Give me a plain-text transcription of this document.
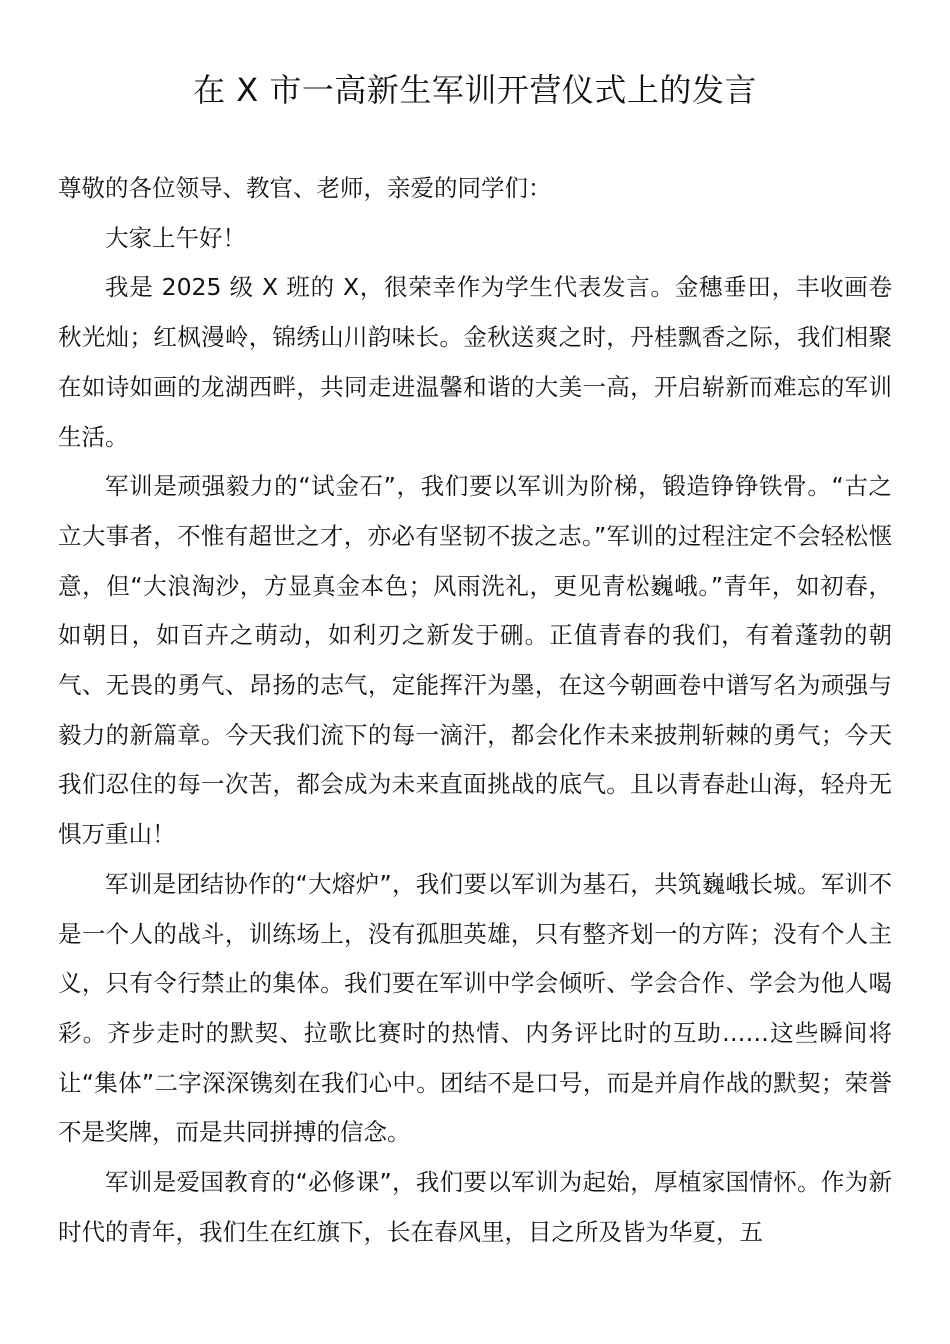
在 X 市一高新生军训开营仪式上的发言

尊敬的各位领导、教官、老师，亲爱的同学们：

大家上午好！

我是 2025 级 X 班的 X，很荣幸作为学生代表发言。金穗垂田，丰收画卷秋光灿；红枫漫岭，锦绣山川韵味长。金秋送爽之时，丹桂飘香之际，我们相聚在如诗如画的龙湖西畔，共同走进温馨和谐的大美一高，开启崭新而难忘的军训生活。

军训是顽强毅力的“试金石”，我们要以军训为阶梯，锻造铮铮铁骨。“古之立大事者，不惟有超世之才，亦必有坚韧不拔之志。”军训的过程注定不会轻松惬意，但“大浪淘沙，方显真金本色；风雨洗礼，更见青松巍峨。”青年，如初春，如朝日，如百卉之萌动，如利刃之新发于硎。正值青春的我们，有着蓬勃的朝气、无畏的勇气、昂扬的志气，定能挥汗为墨，在这今朝画卷中谱写名为顽强与毅力的新篇章。今天我们流下的每一滴汗，都会化作未来披荆斩棘的勇气；今天我们忍住的每一次苦，都会成为未来直面挑战的底气。且以青春赴山海，轻舟无惧万重山！

军训是团结协作的“大熔炉”，我们要以军训为基石，共筑巍峨长城。军训不是一个人的战斗，训练场上，没有孤胆英雄，只有整齐划一的方阵；没有个人主义，只有令行禁止的集体。我们要在军训中学会倾听、学会合作、学会为他人喝彩。齐步走时的默契、拉歌比赛时的热情、内务评比时的互助……这些瞬间将让“集体”二字深深镌刻在我们心中。团结不是口号，而是并肩作战的默契；荣誉不是奖牌，而是共同拼搏的信念。

军训是爱国教育的“必修课”，我们要以军训为起始，厚植家国情怀。作为新时代的青年，我们生在红旗下，长在春风里，目之所及皆为华夏，五
